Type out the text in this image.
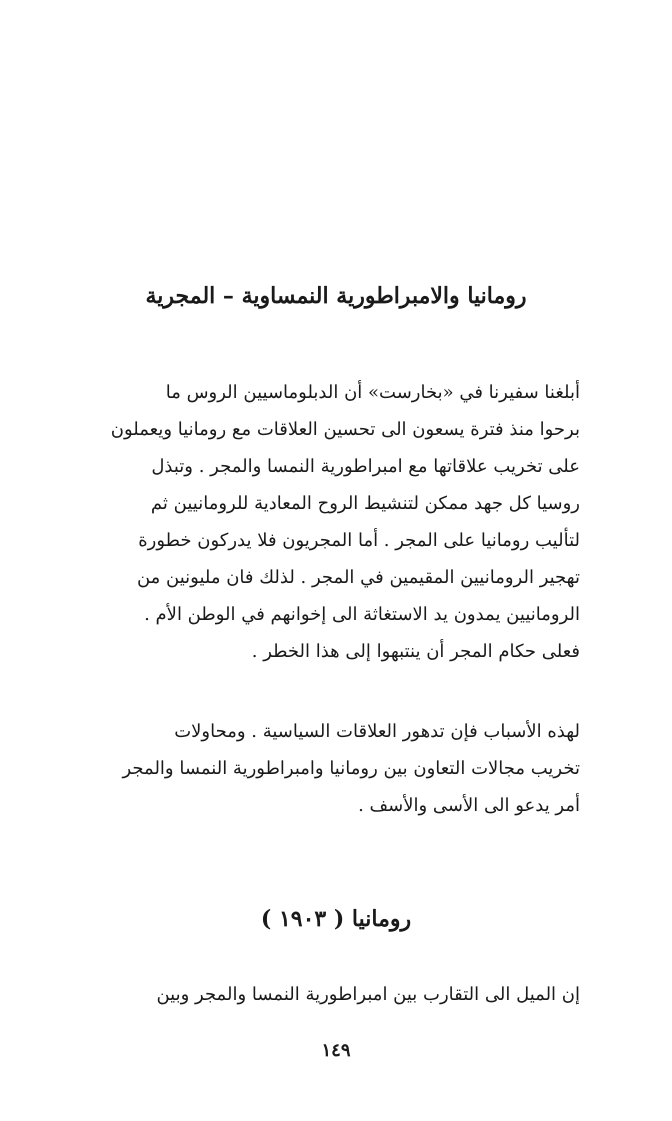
رومانيا والامبراطورية النمساوية – المجرية
أبلغنا سفيرنا في «بخارست» أن الدبلوماسيين الروس ما
برحوا منذ فترة يسعون الى تحسين العلاقات مع رومانيا ويعملون
على تخريب علاقاتها مع امبراطورية النمسا والمجر . وتبذل
روسيا كل جهد ممكن لتنشيط الروح المعادية للرومانيين ثم
لتأليب رومانيا على المجر . أما المجريون فلا يدركون خطورة
تهجير الرومانيين المقيمين في المجر . لذلك فان مليونين من
الرومانيين يمدون يد الاستغاثة الى إخوانهم في الوطن الأم .
فعلى حكام المجر أن ينتبهوا إلى هذا الخطر .
لهذه الأسباب فإن تدهور العلاقات السياسية . ومحاولات
تخريب مجالات التعاون بين رومانيا وامبراطورية النمسا والمجر
أمر يدعو الى الأسى والأسف .
رومانيا ( ١٩٠٣ )
إن الميل الى التقارب بين امبراطورية النمسا والمجر وبين
١٤٩
